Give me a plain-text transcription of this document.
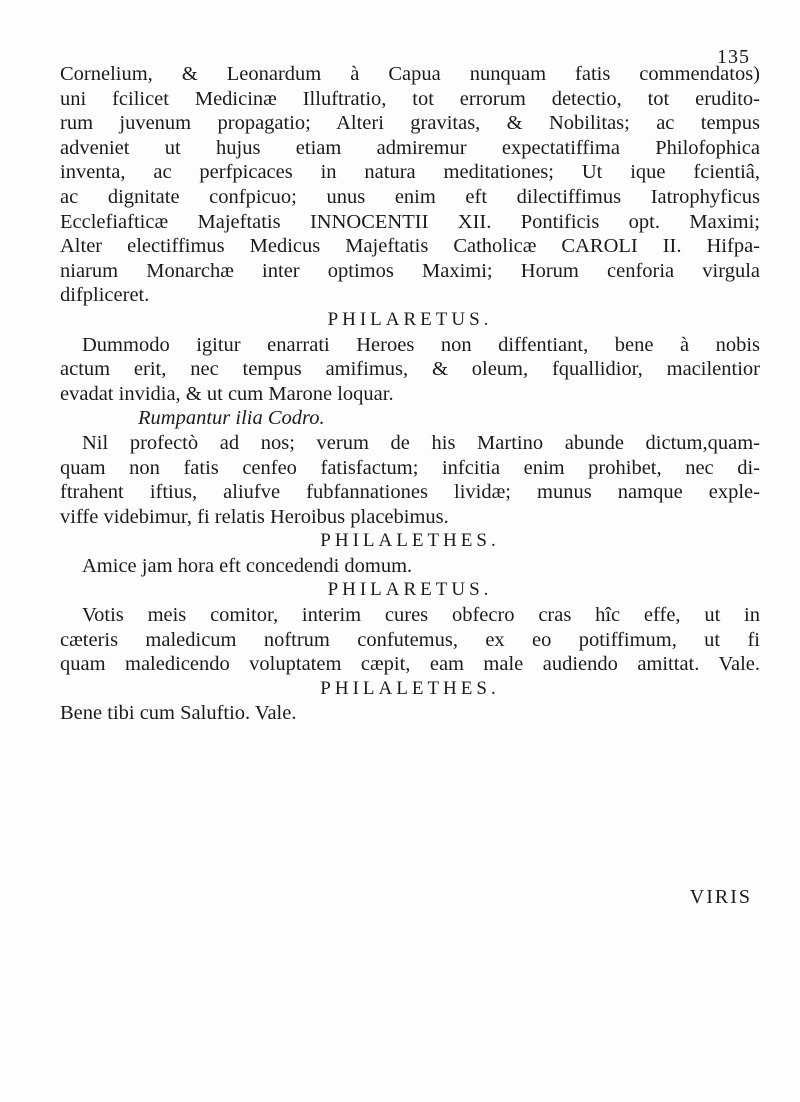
135
Cornelium, & Leonardum à Capua nunquam fatis commendatos)
uni fcilicet Medicinæ Illuftratio, tot errorum detectio, tot erudito-
rum juvenum propagatio; Alteri gravitas, & Nobilitas; ac tempus
adveniet ut hujus etiam admiremur expectatiffima Philofophica
inventa, ac perfpicaces in natura meditationes; Ut ique fcientiâ,
ac dignitate confpicuo; unus enim eft dilectiffimus Iatrophyficus
Ecclefiafticæ Majeftatis INNOCENTII XII. Pontificis opt. Maximi;
Alter electiffimus Medicus Majeftatis Catholicæ CAROLI II. Hifpa-
niarum Monarchæ inter optimos Maximi; Horum cenforia virgula
difpliceret.
PHILARETUS.
Dummodo igitur enarrati Heroes non diffentiant, bene à nobis
actum erit, nec tempus amifimus, & oleum, fquallidior, macilentior
evadat invidia, & ut cum Marone loquar.
Rumpantur ilia Codro.
Nil profectò ad nos; verum de his Martino abunde dictum,quam-
quam non fatis cenfeo fatisfactum; infcitia enim prohibet, nec di-
ftrahent iftius, aliufve fubfannationes lividæ; munus namque exple-
viffe videbimur, fi relatis Heroibus placebimus.
PHILALETHES.
Amice jam hora eft concedendi domum.
PHILARETUS.
Votis meis comitor, interim cures obfecro cras hîc effe, ut in
cæteris maledicum noftrum confutemus, ex eo potiffimum, ut fi
quam maledicendo voluptatem cæpit, eam male audiendo amittat. Vale.
PHILALETHES.
Bene tibi cum Saluftio. Vale.
VIRIS
